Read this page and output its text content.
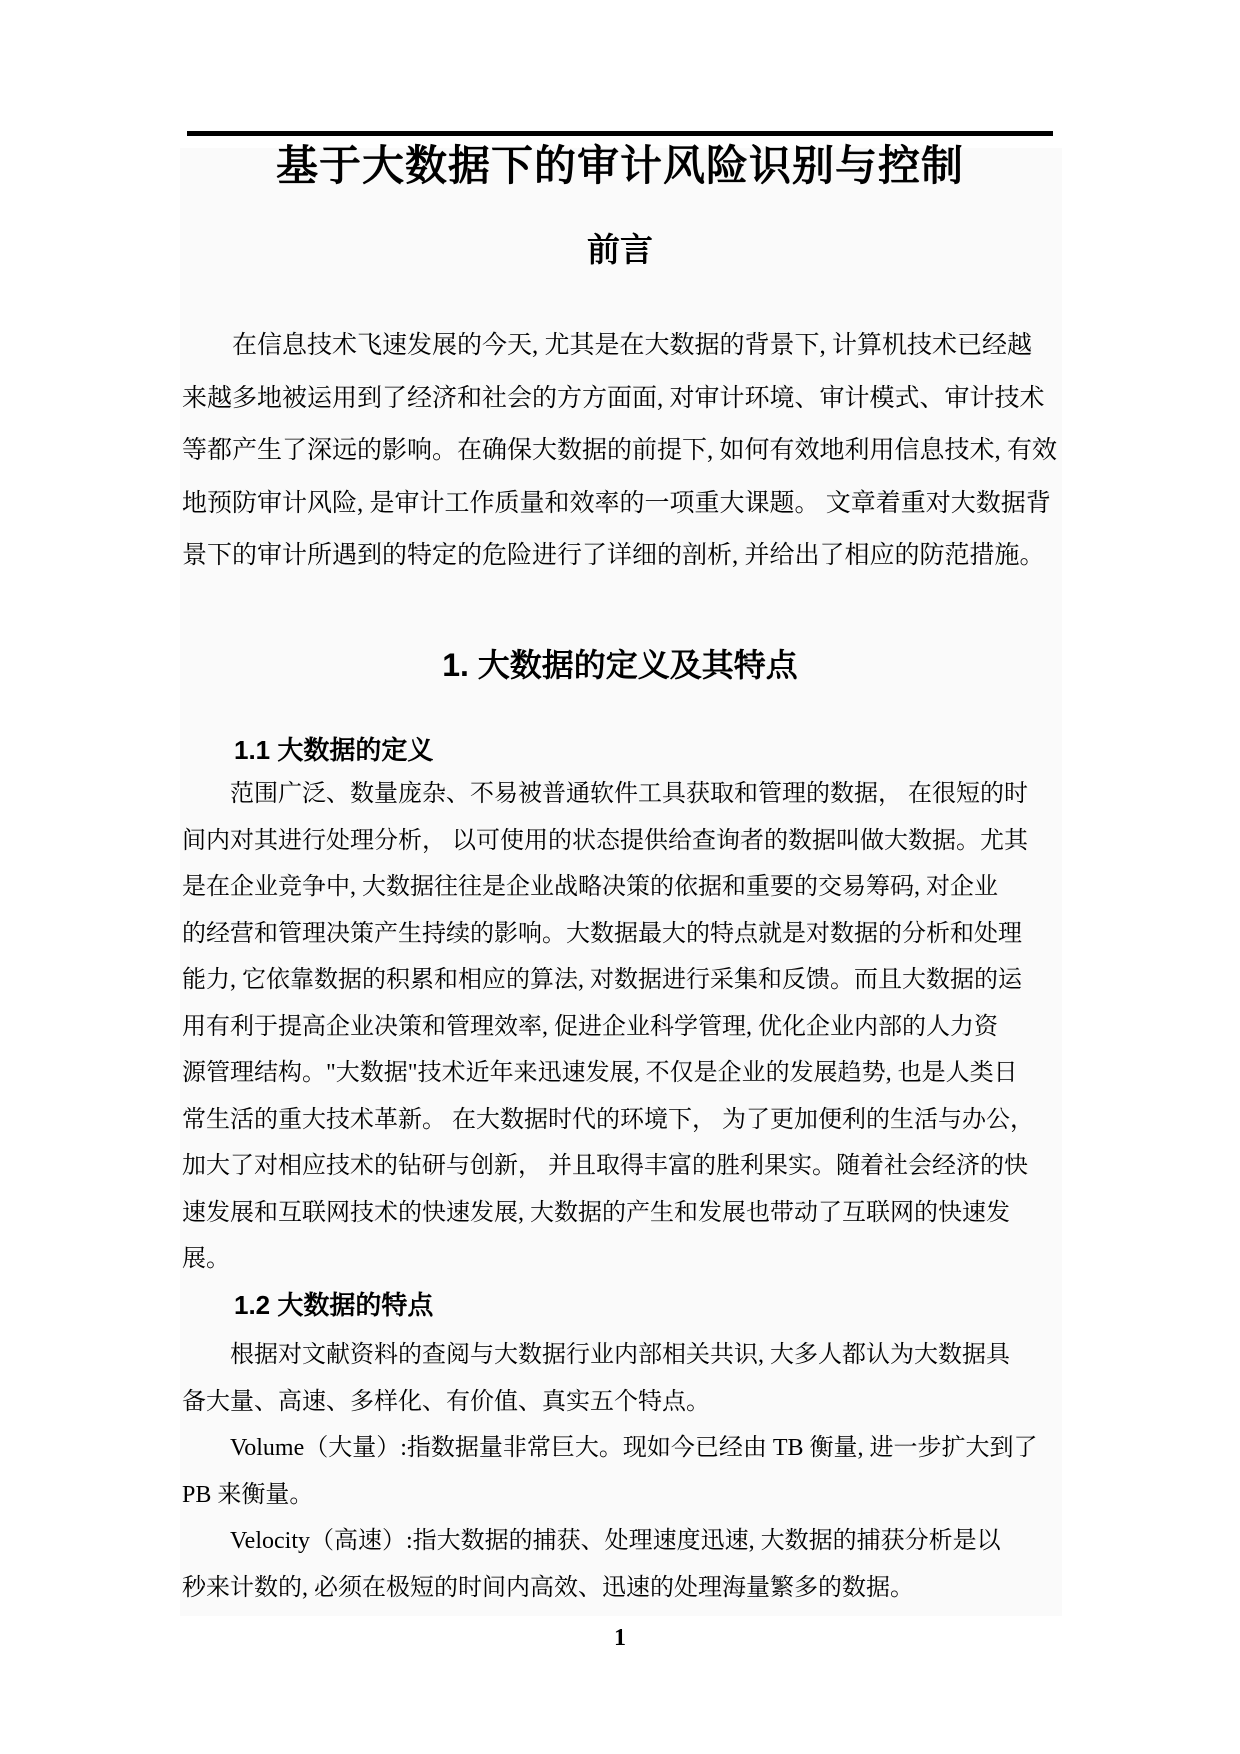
基于大数据下的审计风险识别与控制
前言
在信息技术飞速发展的今天, 尤其是在大数据的背景下, 计算机技术已经越
来越多地被运用到了经济和社会的方方面面, 对审计环境、审计模式、审计技术
等都产生了深远的影响。在确保大数据的前提下, 如何有效地利用信息技术, 有效
地预防审计风险, 是审计工作质量和效率的一项重大课题。 文章着重对大数据背
景下的审计所遇到的特定的危险进行了详细的剖析, 并给出了相应的防范措施。
1. 大数据的定义及其特点
1.1 大数据的定义
范围广泛、数量庞杂、不易被普通软件工具获取和管理的数据， 在很短的时
间内对其进行处理分析， 以可使用的状态提供给查询者的数据叫做大数据。尤其
是在企业竞争中, 大数据往往是企业战略决策的依据和重要的交易筹码, 对企业
的经营和管理决策产生持续的影响。大数据最大的特点就是对数据的分析和处理
能力, 它依靠数据的积累和相应的算法, 对数据进行采集和反馈。而且大数据的运
用有利于提高企业决策和管理效率, 促进企业科学管理, 优化企业内部的人力资
源管理结构。"大数据"技术近年来迅速发展, 不仅是企业的发展趋势, 也是人类日
常生活的重大技术革新。 在大数据时代的环境下， 为了更加便利的生活与办公，
加大了对相应技术的钻研与创新， 并且取得丰富的胜利果实。随着社会经济的快
速发展和互联网技术的快速发展, 大数据的产生和发展也带动了互联网的快速发
展。
1.2 大数据的特点
根据对文献资料的查阅与大数据行业内部相关共识, 大多人都认为大数据具
备大量、高速、多样化、有价值、真实五个特点。
Volume（大量）:指数据量非常巨大。现如今已经由 TB 衡量, 进一步扩大到了
PB 来衡量。
Velocity（高速）:指大数据的捕获、处理速度迅速, 大数据的捕获分析是以
秒来计数的, 必须在极短的时间内高效、迅速的处理海量繁多的数据。
1
